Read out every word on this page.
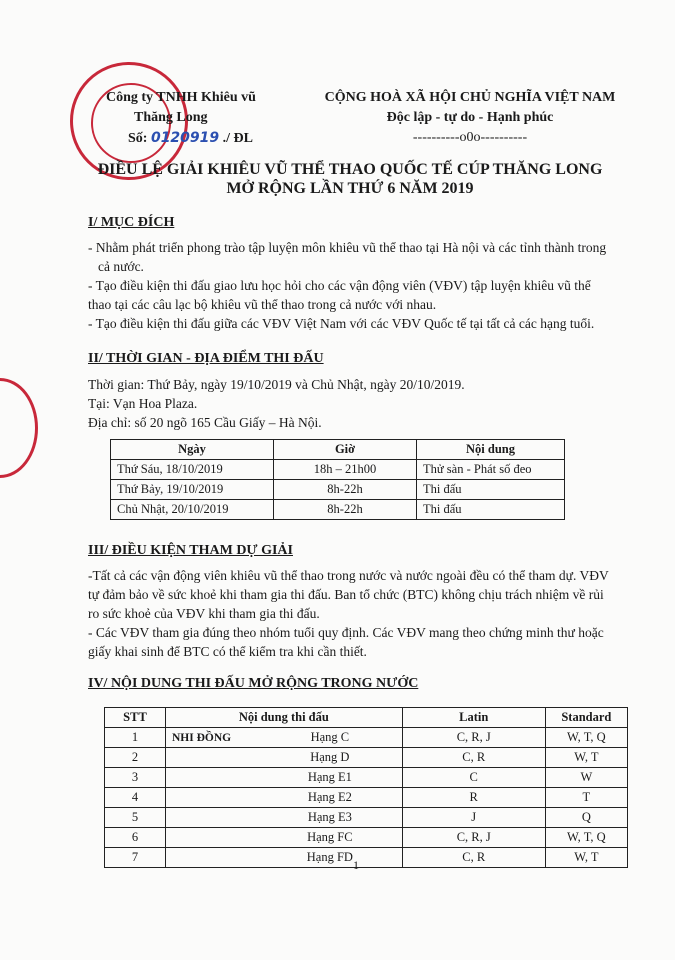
Công ty TNHH Khiêu vũ
Thăng Long
Số: 0120919 ./ ĐL
CỘNG HOÀ XÃ HỘI CHỦ NGHĨA VIỆT NAM
Độc lập - tự do - Hạnh phúc
----------o0o----------
ĐIỀU LỆ GIẢI KHIÊU VŨ THỂ THAO QUỐC TẾ CÚP THĂNG LONG
MỞ RỘNG LẦN THỨ 6 NĂM 2019
I/ MỤC ĐÍCH
- Nhằm phát triển phong trào tập luyện môn khiêu vũ thể thao tại Hà nội và các tỉnh thành trong
cả nước.
- Tạo điều kiện thi đấu giao lưu học hỏi cho các vận động viên (VĐV) tập luyện khiêu vũ thể
thao tại các câu lạc bộ khiêu vũ thể thao trong cả nước với nhau.
- Tạo điều kiện thi đấu giữa các VĐV Việt Nam với các VĐV Quốc tế tại tất cả các hạng tuổi.
II/ THỜI GIAN - ĐỊA ĐIỂM THI ĐẤU
Thời gian: Thứ Bảy, ngày 19/10/2019 và Chủ Nhật, ngày 20/10/2019.
Tại: Vạn Hoa Plaza.
Địa chỉ: số 20 ngõ 165 Cầu Giấy – Hà Nội.
Ngày	Giờ	Nội dung
Thứ Sáu, 18/10/2019	18h – 21h00	Thử sàn - Phát số đeo
Thứ Bảy, 19/10/2019	8h-22h	Thi đấu
Chủ Nhật, 20/10/2019	8h-22h	Thi đấu
III/ ĐIỀU KIỆN THAM DỰ GIẢI
-Tất cả các vận động viên khiêu vũ thể thao trong nước và nước ngoài đều có thể tham dự. VĐV
tự đảm bảo về sức khoẻ khi tham gia thi đấu. Ban tổ chức (BTC) không chịu trách nhiệm về rủi
ro sức khoẻ của VĐV khi tham gia thi đấu.
- Các VĐV tham gia đúng theo nhóm tuổi quy định. Các VĐV mang theo chứng minh thư hoặc
giấy khai sinh để BTC có thể kiểm tra khi cần thiết.
IV/ NỘI DUNG THI ĐẤU MỞ RỘNG TRONG NƯỚC
STT	Nội dung thi đấu		Latin	Standard
1	NHI ĐỒNG	Hạng C	C, R, J	W, T, Q
2		Hạng D	C, R	W, T
3		Hạng E1	C	W
4		Hạng E2	R	T
5		Hạng E3	J	Q
6		Hạng FC	C, R, J	W, T, Q
7		Hạng FD	C, R	W, T
1
